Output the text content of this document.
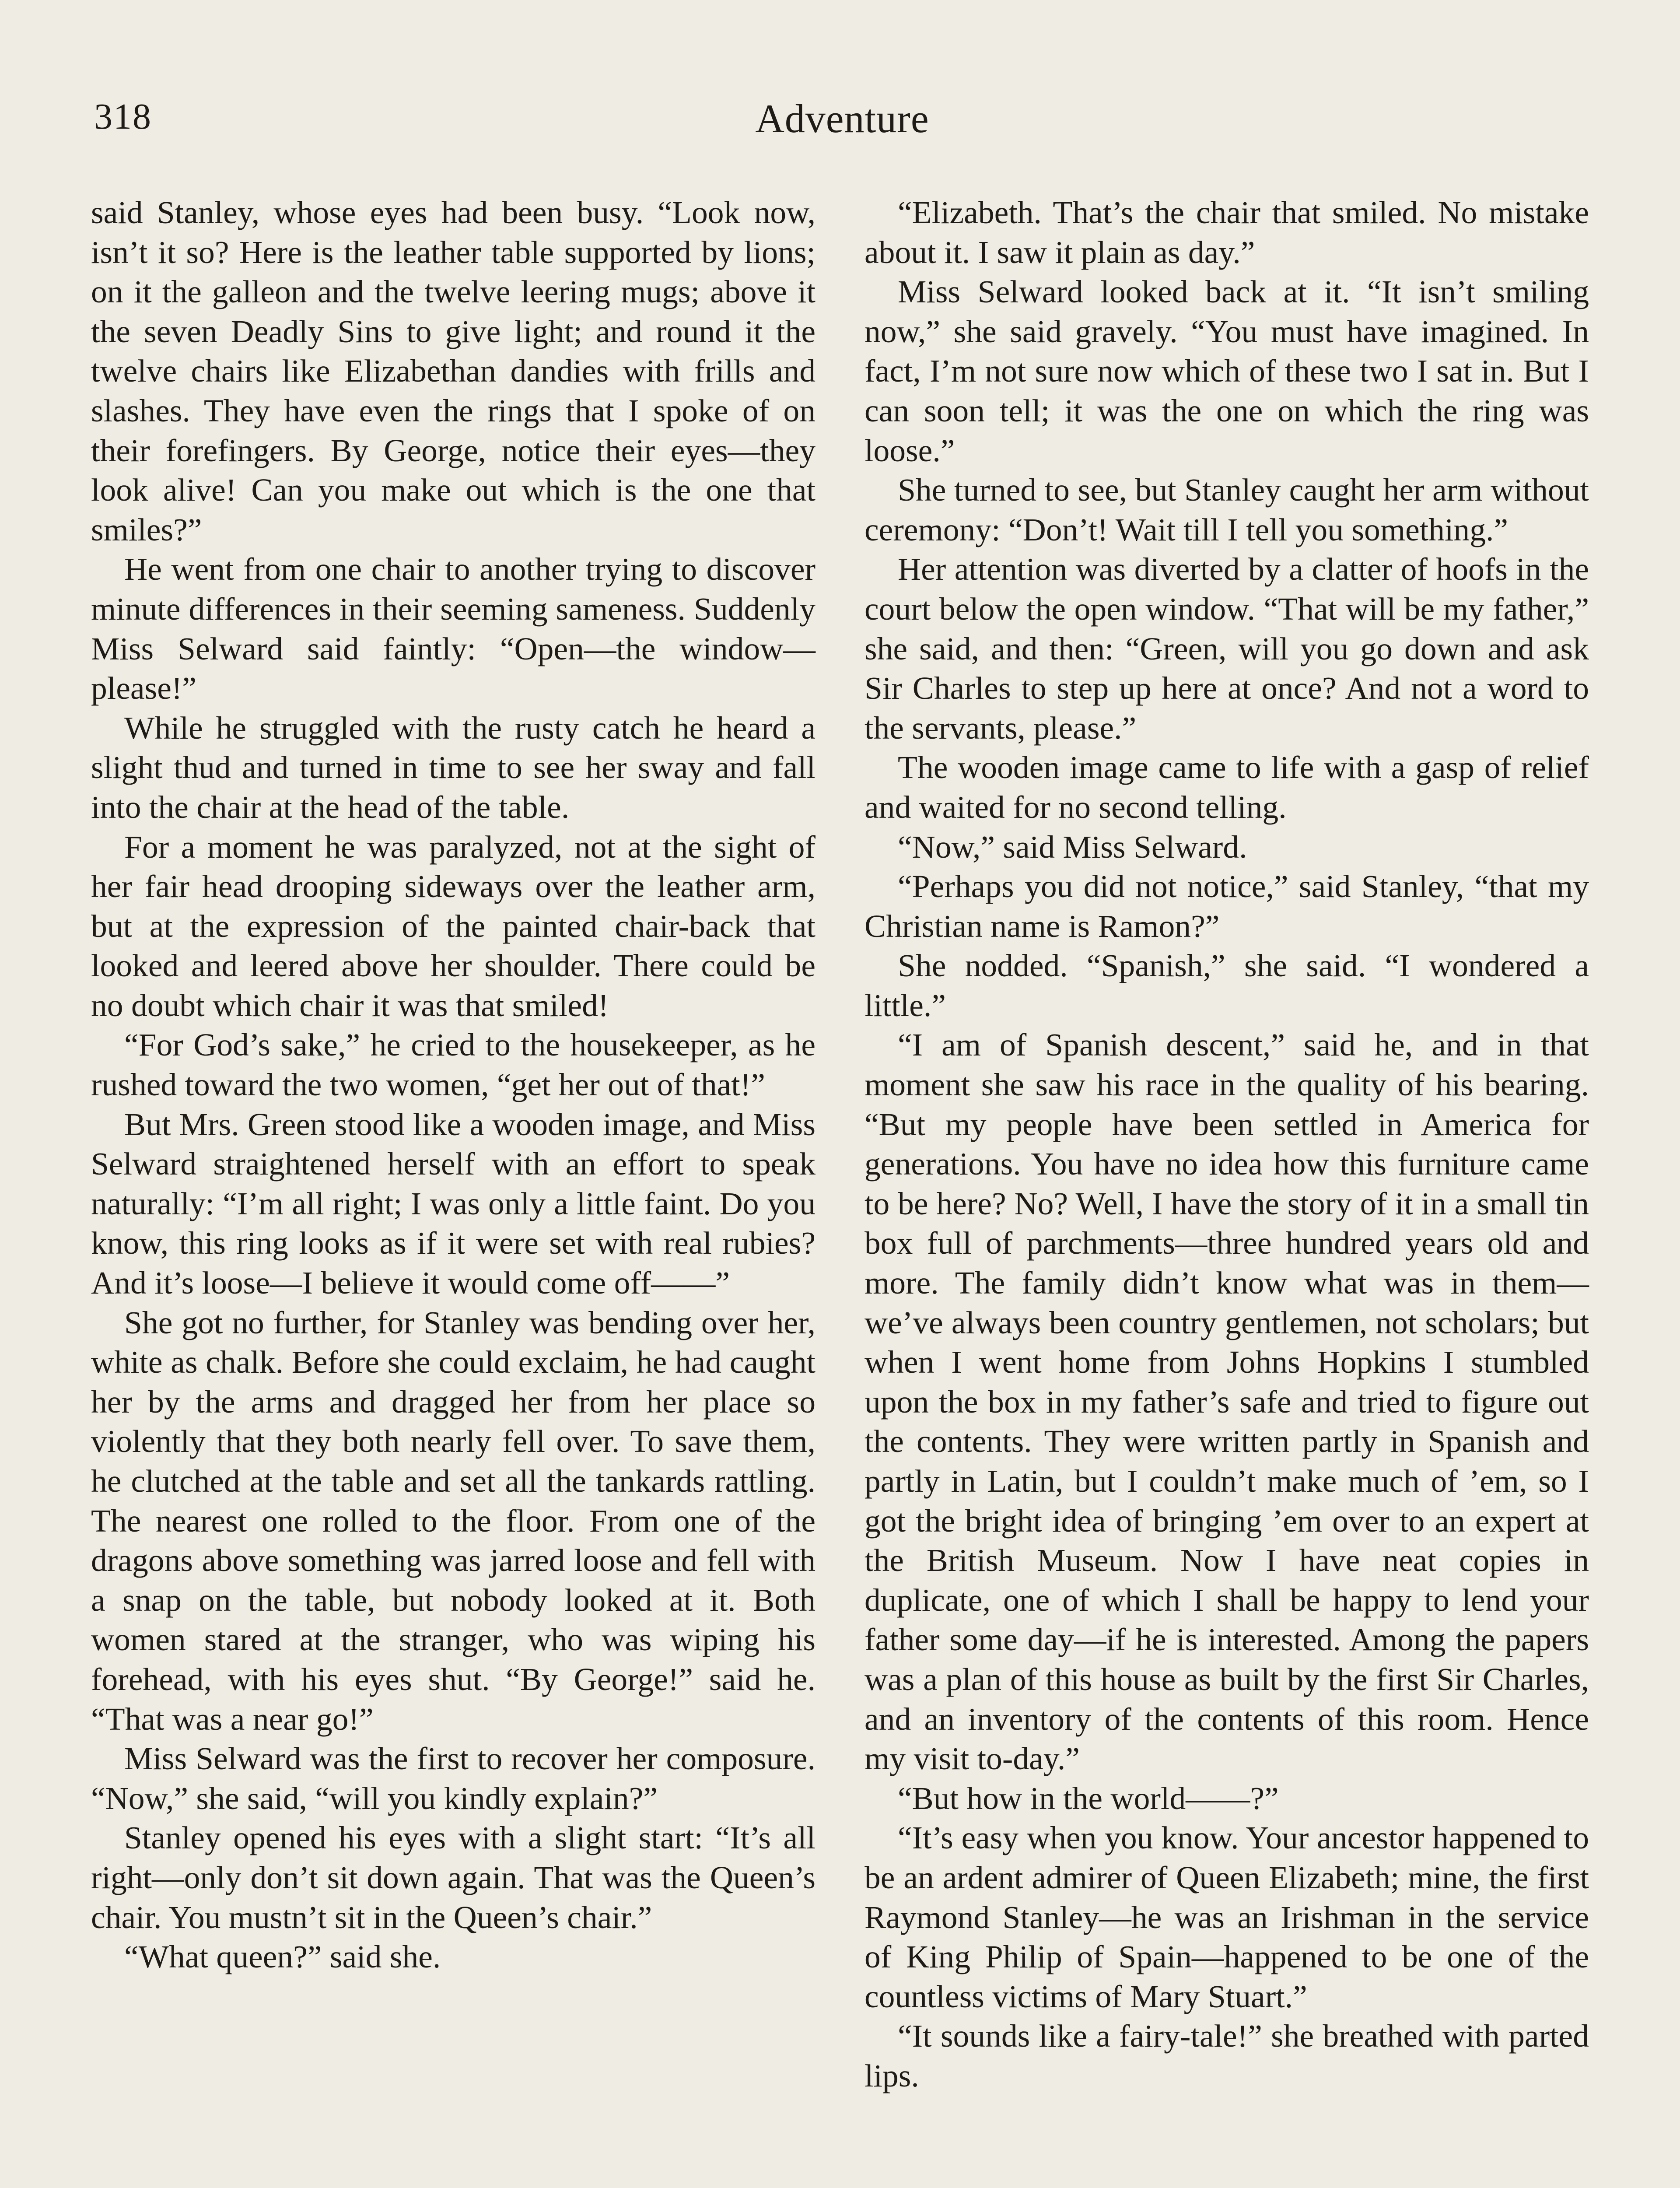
318	Adventure

said Stanley, whose eyes had been busy. “Look now, isn’t it so? Here is the leather table supported by lions; on it the galleon and the twelve leering mugs; above it the seven Deadly Sins to give light; and round it the twelve chairs like Elizabethan dandies with frills and slashes. They have even the rings that I spoke of on their forefingers. By George, notice their eyes—they look alive! Can you make out which is the one that smiles?”

He went from one chair to another trying to discover minute differences in their seeming sameness. Suddenly Miss Selward said faintly: “Open—the window—please!”

While he struggled with the rusty catch he heard a slight thud and turned in time to see her sway and fall into the chair at the head of the table.

For a moment he was paralyzed, not at the sight of her fair head drooping sideways over the leather arm, but at the expression of the painted chair-back that looked and leered above her shoulder. There could be no doubt which chair it was that smiled!

“For God’s sake,” he cried to the housekeeper, as he rushed toward the two women, “get her out of that!”

But Mrs. Green stood like a wooden image, and Miss Selward straightened herself with an effort to speak naturally: “I’m all right; I was only a little faint. Do you know, this ring looks as if it were set with real rubies? And it’s loose—I believe it would come off——”

She got no further, for Stanley was bending over her, white as chalk. Before she could exclaim, he had caught her by the arms and dragged her from her place so violently that they both nearly fell over. To save them, he clutched at the table and set all the tankards rattling. The nearest one rolled to the floor. From one of the dragons above something was jarred loose and fell with a snap on the table, but nobody looked at it. Both women stared at the stranger, who was wiping his forehead, with his eyes shut. “By George!” said he. “That was a near go!”

Miss Selward was the first to recover her composure. “Now,” she said, “will you kindly explain?”

Stanley opened his eyes with a slight start: “It’s all right—only don’t sit down again. That was the Queen’s chair. You mustn’t sit in the Queen’s chair.”

“What queen?” said she.

“Elizabeth. That’s the chair that smiled. No mistake about it. I saw it plain as day.”

Miss Selward looked back at it. “It isn’t smiling now,” she said gravely. “You must have imagined. In fact, I’m not sure now which of these two I sat in. But I can soon tell; it was the one on which the ring was loose.”

She turned to see, but Stanley caught her arm without ceremony: “Don’t! Wait till I tell you something.”

Her attention was diverted by a clatter of hoofs in the court below the open window. “That will be my father,” she said, and then: “Green, will you go down and ask Sir Charles to step up here at once? And not a word to the servants, please.”

The wooden image came to life with a gasp of relief and waited for no second telling.

“Now,” said Miss Selward.

“Perhaps you did not notice,” said Stanley, “that my Christian name is Ramon?”

She nodded. “Spanish,” she said. “I wondered a little.”

“I am of Spanish descent,” said he, and in that moment she saw his race in the quality of his bearing. “But my people have been settled in America for generations. You have no idea how this furniture came to be here? No? Well, I have the story of it in a small tin box full of parchments—three hundred years old and more. The family didn’t know what was in them—we’ve always been country gentlemen, not scholars; but when I went home from Johns Hopkins I stumbled upon the box in my father’s safe and tried to figure out the contents. They were written partly in Spanish and partly in Latin, but I couldn’t make much of ’em, so I got the bright idea of bringing ’em over to an expert at the British Museum. Now I have neat copies in duplicate, one of which I shall be happy to lend your father some day—if he is interested. Among the papers was a plan of this house as built by the first Sir Charles, and an inventory of the contents of this room. Hence my visit to-day.”

“But how in the world——?”

“It’s easy when you know. Your ancestor happened to be an ardent admirer of Queen Elizabeth; mine, the first Raymond Stanley—he was an Irishman in the service of King Philip of Spain—happened to be one of the countless victims of Mary Stuart.”

“It sounds like a fairy-tale!” she breathed with parted lips.
